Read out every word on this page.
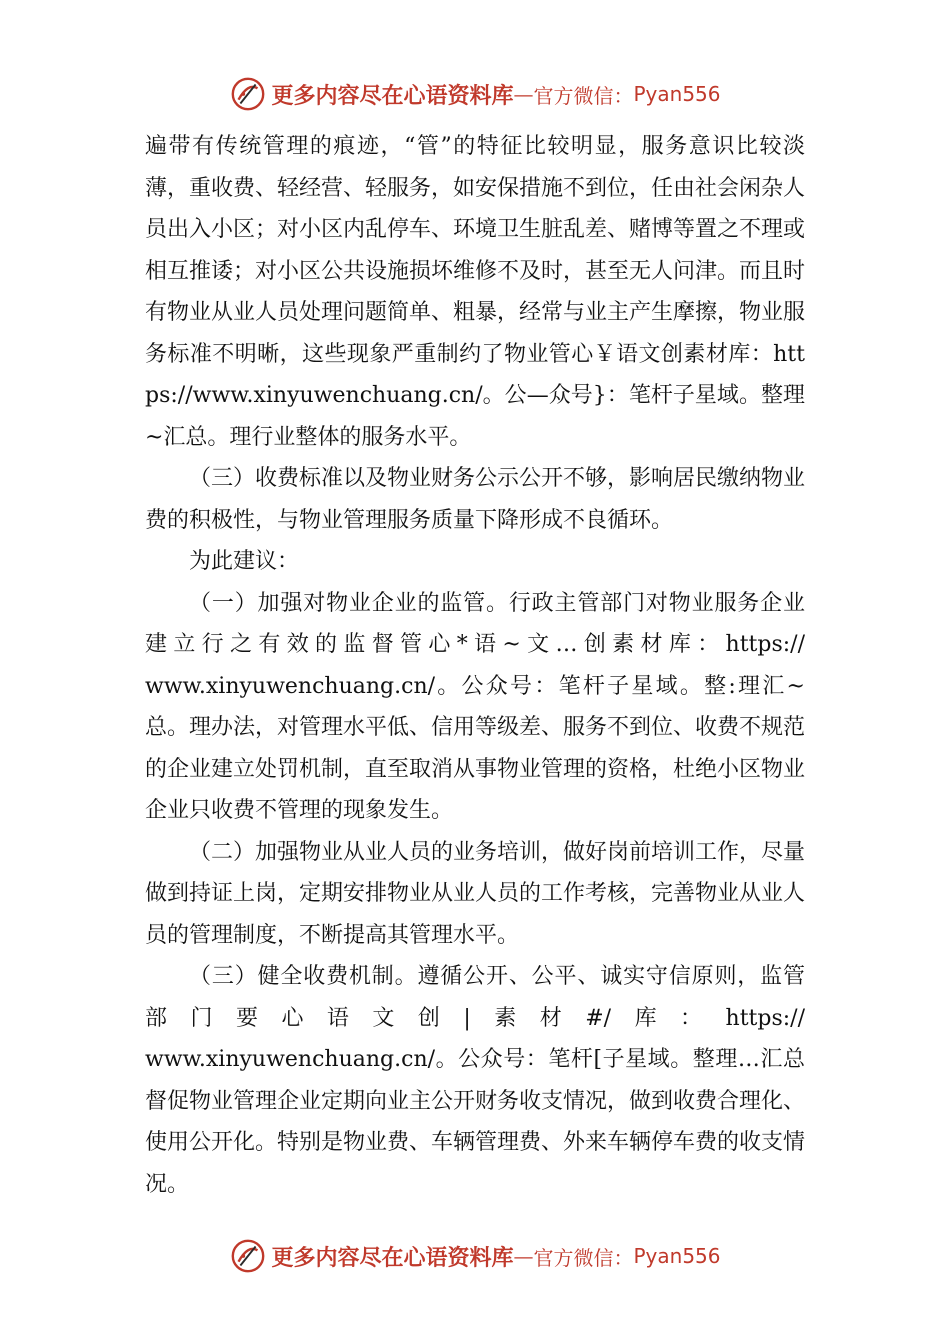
更多内容尽在心语资料库 — 官方微信： Pyan556

遍带有传统管理的痕迹，“管”的特征比较明显，服务意识比较淡薄，重收费、轻经营、轻服务，如安保措施不到位，任由社会闲杂人员出入小区；对小区内乱停车、环境卫生脏乱差、赌博等置之不理或相互推诿；对小区公共设施损坏维修不及时，甚至无人问津。而且时有物业从业人员处理问题简单、粗暴，经常与业主产生摩擦，物业服务标准不明晰，这些现象严重制约了物业管心￥语文创素材库：https://www.xinyuwenchuang.cn/。公—众号}：笔杆子星域。整理~汇总。理行业整体的服务水平。

（三）收费标准以及物业财务公示公开不够，影响居民缴纳物业费的积极性，与物业管理服务质量下降形成不良循环。

为此建议：

（一）加强对物业企业的监管。行政主管部门对物业服务企业

建立行之有效的监督管心*语~文…创素材库：https://

www.xinyuwenchuang.cn/。公众号：笔杆子星域。整:理汇~总。理办法，对管理水平低、信用等级差、服务不到位、收费不规范的企业建立处罚机制，直至取消从事物业管理的资格，杜绝小区物业企业只收费不管理的现象发生。

（二）加强物业从业人员的业务培训，做好岗前培训工作，尽量做到持证上岗，定期安排物业从业人员的工作考核，完善物业从业人员的管理制度，不断提高其管理水平。

（三）健全收费机制。遵循公开、公平、诚实守信原则，监管

部门要心语文创|素材#/库：https://

www.xinyuwenchuang.cn/。公众号：笔杆[子星域。整理…汇总督促物业管理企业定期向业主公开财务收支情况，做到收费合理化、使用公开化。特别是物业费、车辆管理费、外来车辆停车费的收支情况。

更多内容尽在心语资料库 — 官方微信： Pyan556
